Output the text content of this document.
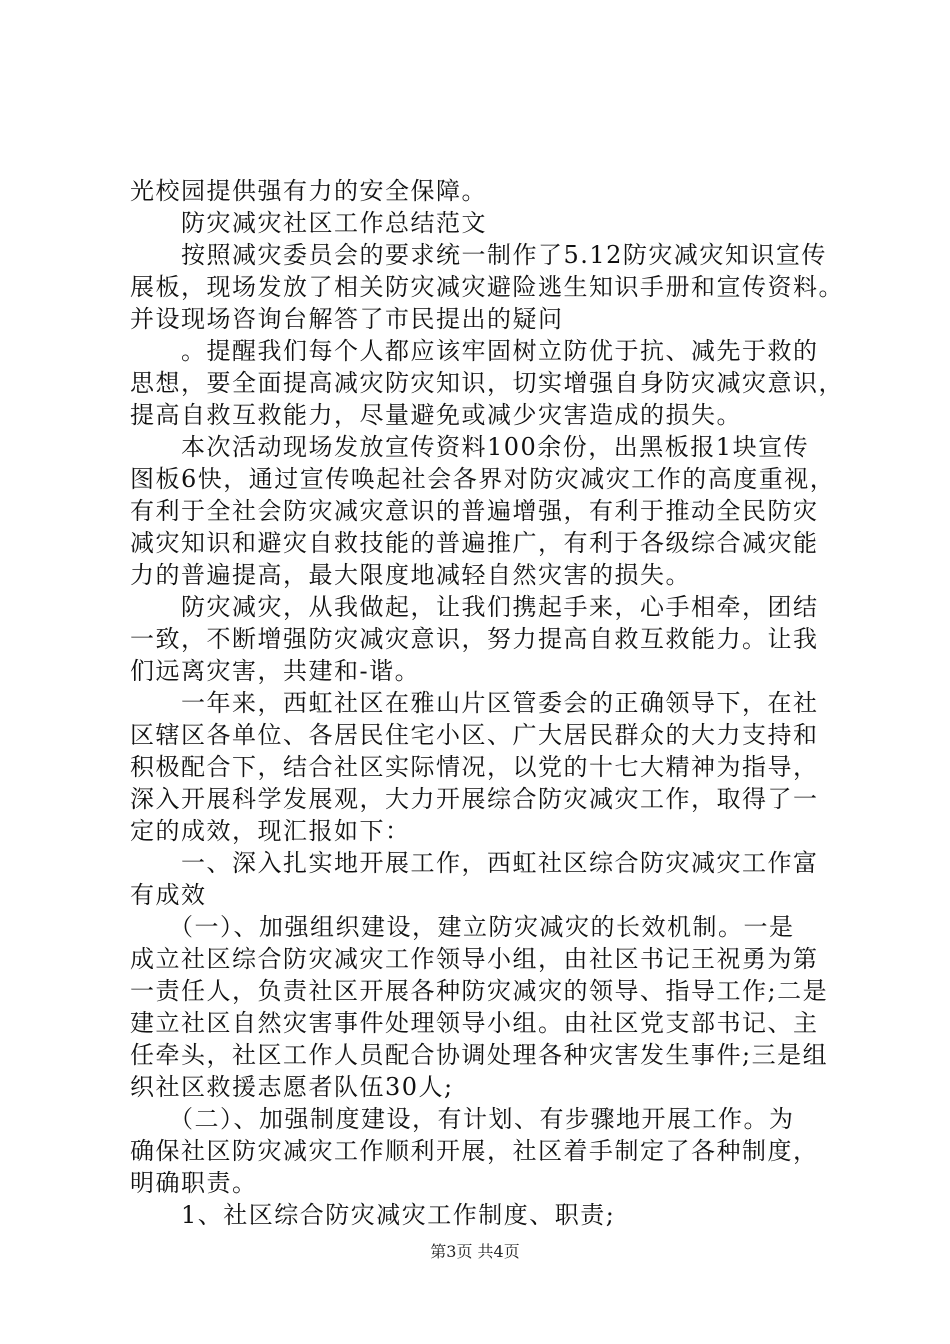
光校园提供强有力的安全保障。
　　防灾减灾社区工作总结范文
　　按照减灾委员会的要求统一制作了5.12防灾减灾知识宣传
展板，现场发放了相关防灾减灾避险逃生知识手册和宣传资料。
并设现场咨询台解答了市民提出的疑问
　　。提醒我们每个人都应该牢固树立防优于抗、减先于救的
思想，要全面提高减灾防灾知识，切实增强自身防灾减灾意识，
提高自救互救能力，尽量避免或减少灾害造成的损失。
　　本次活动现场发放宣传资料100余份，出黑板报1块宣传
图板6快，通过宣传唤起社会各界对防灾减灾工作的高度重视，
有利于全社会防灾减灾意识的普遍增强，有利于推动全民防灾
减灾知识和避灾自救技能的普遍推广，有利于各级综合减灾能
力的普遍提高，最大限度地减轻自然灾害的损失。
　　防灾减灾，从我做起，让我们携起手来，心手相牵，团结
一致，不断增强防灾减灾意识，努力提高自救互救能力。让我
们远离灾害，共建和-谐。
　　一年来，西虹社区在雅山片区管委会的正确领导下，在社
区辖区各单位、各居民住宅小区、广大居民群众的大力支持和
积极配合下，结合社区实际情况，以党的十七大精神为指导，
深入开展科学发展观，大力开展综合防灾减灾工作，取得了一
定的成效，现汇报如下：
　　一、深入扎实地开展工作，西虹社区综合防灾减灾工作富
有成效
　　（一）、加强组织建设，建立防灾减灾的长效机制。一是
成立社区综合防灾减灾工作领导小组，由社区书记王祝勇为第
一责任人，负责社区开展各种防灾减灾的领导、指导工作;二是
建立社区自然灾害事件处理领导小组。由社区党支部书记、主
任牵头，社区工作人员配合协调处理各种灾害发生事件;三是组
织社区救援志愿者队伍30人;
　　（二）、加强制度建设，有计划、有步骤地开展工作。为
确保社区防灾减灾工作顺利开展，社区着手制定了各种制度，
明确职责。
　　1、社区综合防灾减灾工作制度、职责;
第3页 共4页
